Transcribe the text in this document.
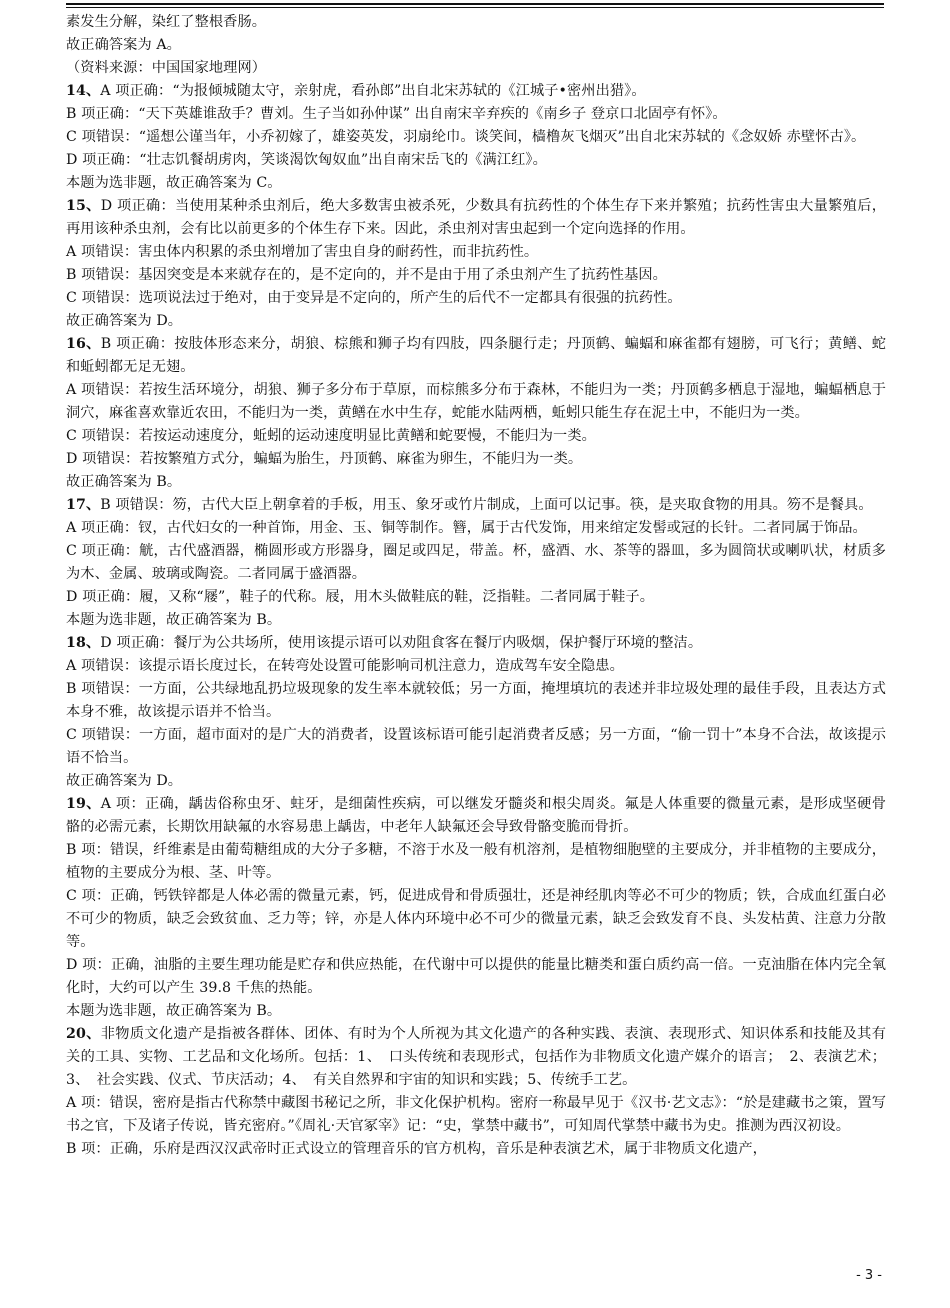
素发生分解，染红了整根香肠。

故正确答案为 A。

（资料来源：中国国家地理网）

14、A 项正确：“为报倾城随太守，亲射虎，看孙郎”出自北宋苏轼的《江城子•密州出猎》。

B 项正确：“天下英雄谁敌手？曹刘。生子当如孙仲谋” 出自南宋辛弃疾的《南乡子 登京口北固亭有怀》。

C 项错误：“遥想公谨当年，小乔初嫁了，雄姿英发，羽扇纶巾。谈笑间，樯橹灰飞烟灭”出自北宋苏轼的《念奴娇 赤壁怀古》。

D 项正确：“壮志饥餐胡虏肉，笑谈渴饮匈奴血”出自南宋岳飞的《满江红》。

本题为选非题，故正确答案为 C。

15、D 项正确：当使用某种杀虫剂后，绝大多数害虫被杀死，少数具有抗药性的个体生存下来并繁殖；抗药性害虫大量繁殖后，再用该种杀虫剂，会有比以前更多的个体生存下来。因此，杀虫剂对害虫起到一个定向选择的作用。

A 项错误：害虫体内积累的杀虫剂增加了害虫自身的耐药性，而非抗药性。

B 项错误：基因突变是本来就存在的，是不定向的，并不是由于用了杀虫剂产生了抗药性基因。

C 项错误：选项说法过于绝对，由于变异是不定向的，所产生的后代不一定都具有很强的抗药性。

故正确答案为 D。

16、B 项正确：按肢体形态来分，胡狼、棕熊和狮子均有四肢，四条腿行走；丹顶鹤、蝙蝠和麻雀都有翅膀，可飞行；黄鳝、蛇和蚯蚓都无足无翅。

A 项错误：若按生活环境分，胡狼、狮子多分布于草原，而棕熊多分布于森林，不能归为一类；丹顶鹤多栖息于湿地，蝙蝠栖息于洞穴，麻雀喜欢靠近农田，不能归为一类，黄鳝在水中生存，蛇能水陆两栖，蚯蚓只能生存在泥土中，不能归为一类。

C 项错误：若按运动速度分，蚯蚓的运动速度明显比黄鳝和蛇要慢，不能归为一类。

D 项错误：若按繁殖方式分，蝙蝠为胎生，丹顶鹤、麻雀为卵生，不能归为一类。

故正确答案为 B。

17、B 项错误：笏，古代大臣上朝拿着的手板，用玉、象牙或竹片制成，上面可以记事。筷，是夹取食物的用具。笏不是餐具。

A 项正确：钗，古代妇女的一种首饰，用金、玉、铜等制作。簪，属于古代发饰，用来绾定发髻或冠的长针。二者同属于饰品。

C 项正确：觥，古代盛酒器，椭圆形或方形器身，圈足或四足，带盖。杯，盛酒、水、茶等的器皿，多为圆筒状或喇叭状，材质多为木、金属、玻璃或陶瓷。二者同属于盛酒器。

D 项正确：履，又称“屦”，鞋子的代称。屐，用木头做鞋底的鞋，泛指鞋。二者同属于鞋子。

本题为选非题，故正确答案为 B。

18、D 项正确：餐厅为公共场所，使用该提示语可以劝阻食客在餐厅内吸烟，保护餐厅环境的整洁。

A 项错误：该提示语长度过长，在转弯处设置可能影响司机注意力，造成驾车安全隐患。

B 项错误：一方面，公共绿地乱扔垃圾现象的发生率本就较低；另一方面，掩埋填坑的表述并非垃圾处理的最佳手段，且表达方式本身不雅，故该提示语并不恰当。

C 项错误：一方面，超市面对的是广大的消费者，设置该标语可能引起消费者反感；另一方面，“偷一罚十”本身不合法，故该提示语不恰当。

故正确答案为 D。

19、A 项：正确，龋齿俗称虫牙、蛀牙，是细菌性疾病，可以继发牙髓炎和根尖周炎。氟是人体重要的微量元素，是形成坚硬骨骼的必需元素，长期饮用缺氟的水容易患上龋齿，中老年人缺氟还会导致骨骼变脆而骨折。

B 项：错误，纤维素是由葡萄糖组成的大分子多糖，不溶于水及一般有机溶剂，是植物细胞壁的主要成分，并非植物的主要成分，植物的主要成分为根、茎、叶等。

C 项：正确，钙铁锌都是人体必需的微量元素，钙，促进成骨和骨质强壮，还是神经肌肉等必不可少的物质；铁，合成血红蛋白必不可少的物质，缺乏会致贫血、乏力等；锌，亦是人体内环境中必不可少的微量元素，缺乏会致发育不良、头发枯黄、注意力分散等。

D 项：正确，油脂的主要生理功能是贮存和供应热能，在代谢中可以提供的能量比糖类和蛋白质约高一倍。一克油脂在体内完全氧化时，大约可以产生 39.8 千焦的热能。

本题为选非题，故正确答案为 B。

20、非物质文化遗产是指被各群体、团体、有时为个人所视为其文化遗产的各种实践、表演、表现形式、知识体系和技能及其有关的工具、实物、工艺品和文化场所。包括：1、　口头传统和表现形式，包括作为非物质文化遗产媒介的语言；　2、表演艺术；3、　社会实践、仪式、节庆活动；4、　有关自然界和宇宙的知识和实践；5、传统手工艺。

A 项：错误，密府是指古代称禁中藏图书秘记之所，非文化保护机构。密府一称最早见于《汉书·艺文志》：“於是建藏书之策，置写书之官，下及诸子传说，皆充密府。”《周礼·天官冢宰》记：“史，掌禁中藏书”，可知周代掌禁中藏书为史。推测为西汉初设。

B 项：正确，乐府是西汉汉武帝时正式设立的管理音乐的官方机构，音乐是种表演艺术，属于非物质文化遗产，

- 3 -
